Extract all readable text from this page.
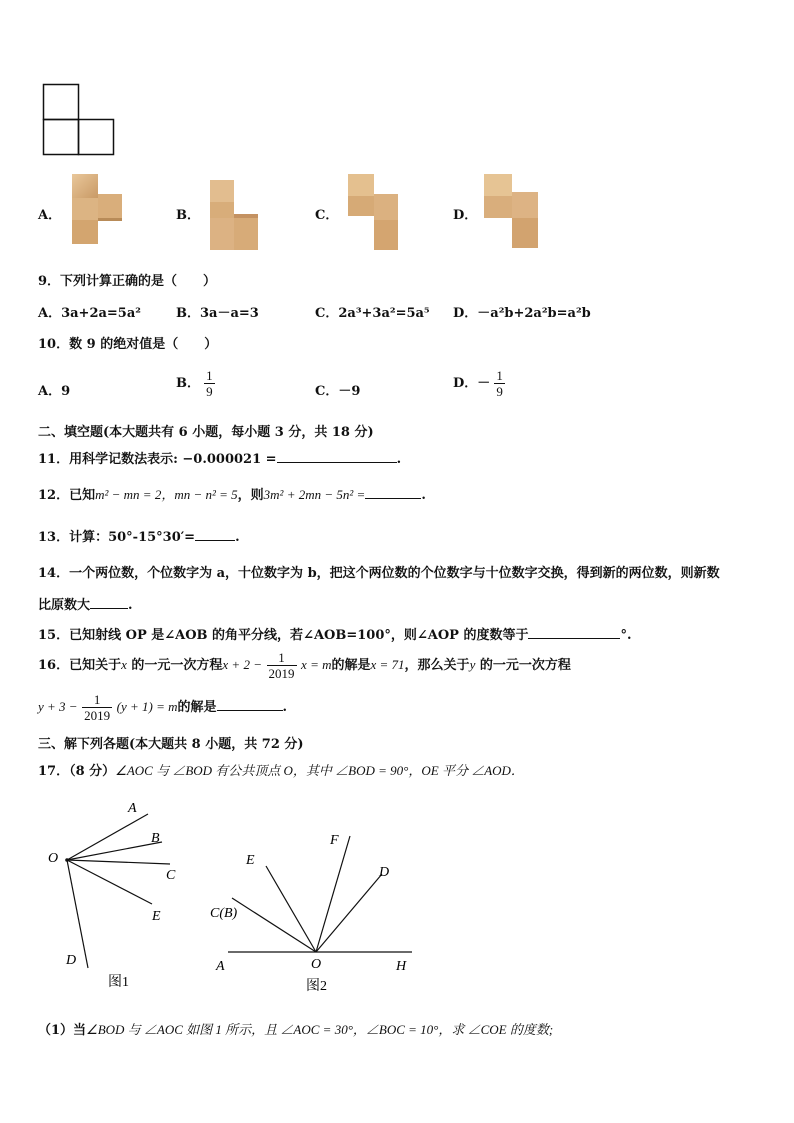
A．	B．	C．	D．
9．下列计算正确的是（　　）
A．3a+2a=5a²	B．3a－a=3	C．2a³+3a²=5a⁵ D．－a²b+2a²b=a²b
10．数 9 的绝对值是（　　）
A．9
B． $\frac{1}{9}$	C．－9
D．－ $\frac{1}{9}$
二、填空题(本大题共有 6 小题，每小题 3 分，共 18 分)
11．用科学记数法表示: −0.000021 =	.
12．已知m² − mn = 2，mn − n² = 5，则3m² + 2mn − 5n² =	.
13．计算：50°-15°30′=	.
14．一个两位数，个位数字为 a，十位数字为 b，把这个两位数的个位数字与十位数字交换，得到新的两位数，则新数
比原数大	.
15．已知射线 OP 是∠AOB 的角平分线，若∠AOB=100°，则∠AOP 的度数等于	°.
16．已知关于x 的一元一次方程$x + 2 - \frac{1}{2019}$ x = m的解是x = 71，那么关于y 的一元一次方程
$y + 3 - \frac{1}{2019} (y + 1) = m$的解是	.
三、解下列各题(本大题共 8 小题，共 72 分)
17．（8 分）∠AOC 与 ∠BOD 有公共顶点 O，其中 ∠BOD = 90°，OE 平分 ∠AOD．
A
B
O
C
E
D
图1
E
F
D
C(B)
A	O	H
图2
（1）当∠BOD 与 ∠AOC 如图 1 所示，且 ∠AOC = 30°，∠BOC = 10°，求 ∠COE 的度数;
